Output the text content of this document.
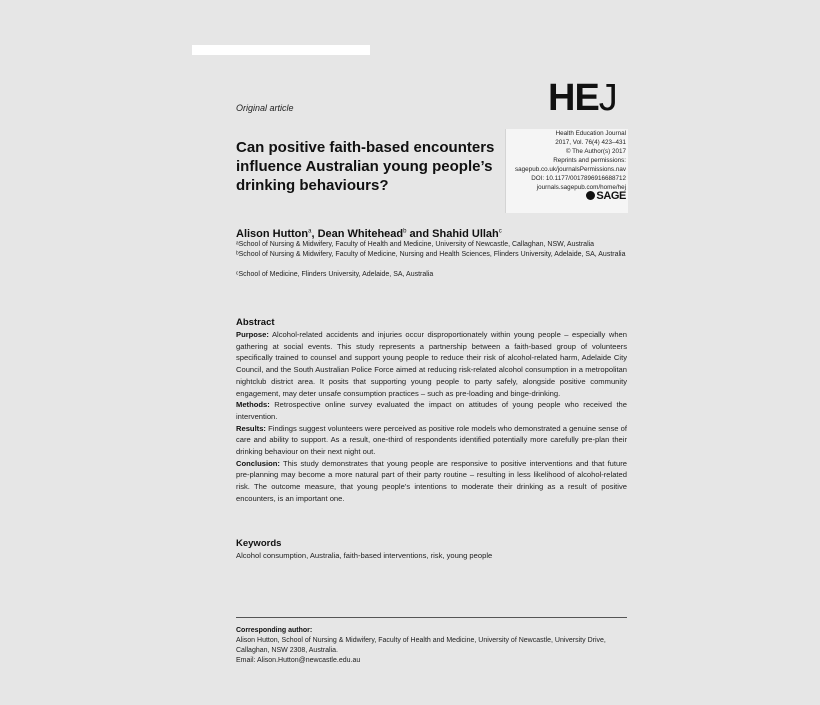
Original article	HEJ
Can positive faith-based encounters influence Australian young people’s drinking behaviours?
Health Education Journal
2017, Vol. 76(4) 423–431
© The Author(s) 2017
Reprints and permissions:
sagepub.co.uk/journalsPermissions.nav
DOI: 10.1177/0017896916688712
journals.sagepub.com/home/hej
SAGE
Alison Hutton$^a$, Dean Whitehead$^b$ and Shahid Ullah$^c$
ᵃSchool of Nursing & Midwifery, Faculty of Health and Medicine, University of Newcastle, Callaghan, NSW, Australia
ᵇSchool of Nursing & Midwifery, Faculty of Medicine, Nursing and Health Sciences, Flinders University, Adelaide, SA, Australia
ᶜSchool of Medicine, Flinders University, Adelaide, SA, Australia
Abstract

Purpose: Alcohol-related accidents and injuries occur disproportionately within young people – especially when gathering at social events. This study represents a partnership between a faith-based group of volunteers specifically trained to counsel and support young people to reduce their risk of alcohol-related harm, Adelaide City Council, and the South Australian Police Force aimed at reducing risk-related alcohol consumption in a metropolitan nightclub district area. It posits that supporting young people to party safely, alongside positive community engagement, may deter unsafe consumption practices – such as pre-loading and binge-drinking.

Methods: Retrospective online survey evaluated the impact on attitudes of young people who received the intervention.

Results: Findings suggest volunteers were perceived as positive role models who demonstrated a genuine sense of care and ability to support. As a result, one-third of respondents identified potentially more carefully pre-plan their drinking behaviour on their next night out.

Conclusion: This study demonstrates that young people are responsive to positive interventions and that future pre-planning may become a more natural part of their party routine – resulting in less likelihood of alcohol-related risk. The outcome measure, that young people’s intentions to moderate their drinking as a result of positive encounters, is an important one.

Keywords
Alcohol consumption, Australia, faith-based interventions, risk, young people
Corresponding author:
Alison Hutton, School of Nursing & Midwifery, Faculty of Health and Medicine, University of Newcastle, University Drive, Callaghan, NSW 2308, Australia.
Email: Alison.Hutton@newcastle.edu.au
